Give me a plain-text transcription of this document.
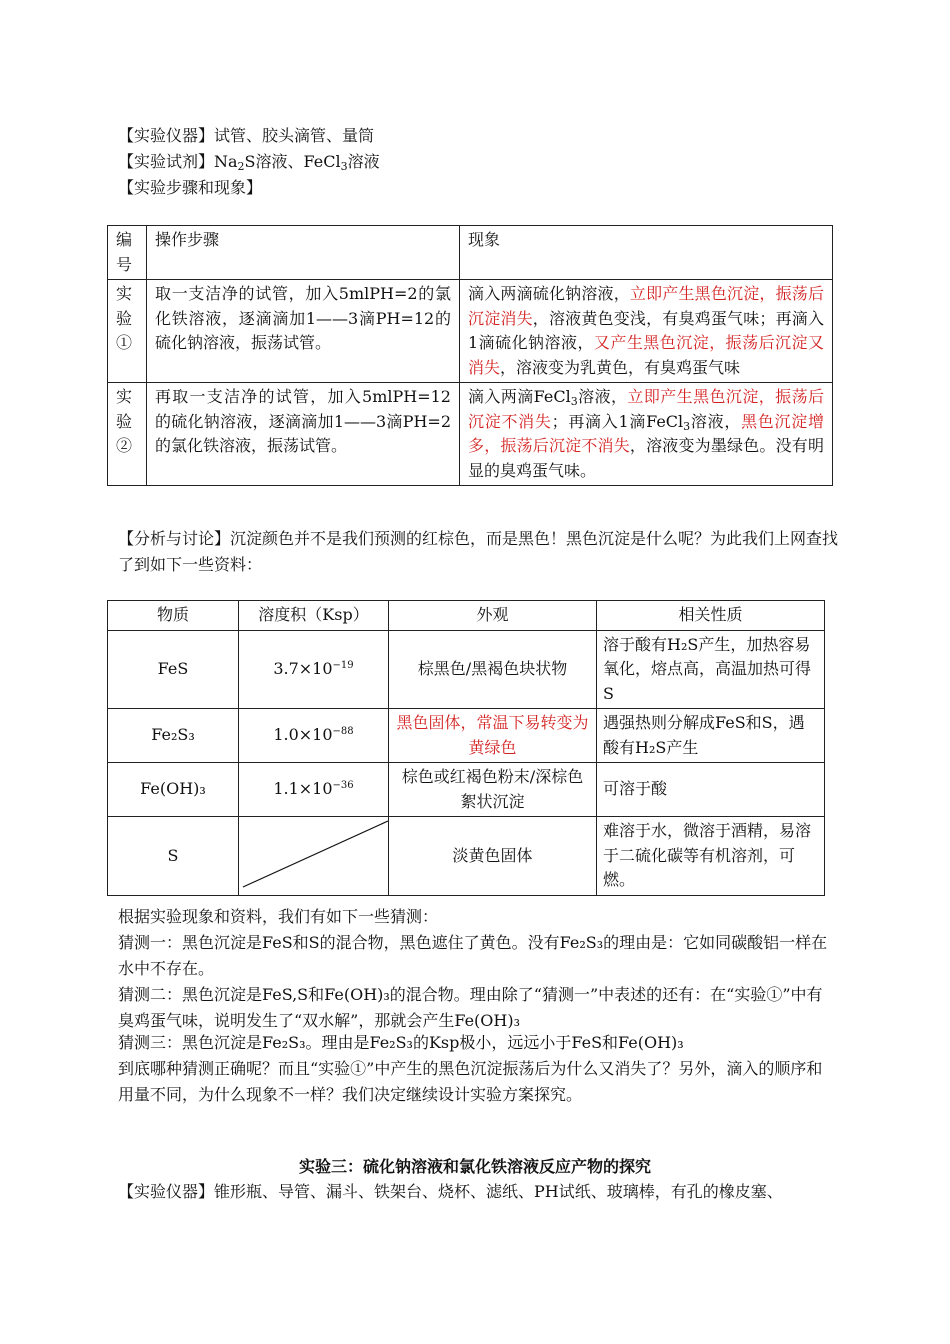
【实验仪器】试管、胶头滴管、量筒
【实验试剂】$Na_2S$溶液、FeCl$_3$溶液
【实验步骤和现象】
编号	操作步骤	现象
实验①	取一支洁净的试管，加入5mlPH=2的氯化铁溶液，逐滴滴加1——3滴PH=12的硫化钠溶液，振荡试管。	滴入两滴硫化钠溶液，立即产生黑色沉淀，振荡后沉淀消失，溶液黄色变浅，有臭鸡蛋气味；再滴入1滴硫化钠溶液，又产生黑色沉淀，振荡后沉淀又消失，溶液变为乳黄色，有臭鸡蛋气味
实验②	再取一支洁净的试管，加入5mlPH=12的硫化钠溶液，逐滴滴加1——3滴PH=2的氯化铁溶液，振荡试管。	滴入两滴FeCl$_3$溶液，立即产生黑色沉淀，振荡后沉淀不消失；再滴入1滴FeCl$_3$溶液，黑色沉淀增多，振荡后沉淀不消失，溶液变为墨绿色。没有明显的臭鸡蛋气味。
【分析与讨论】沉淀颜色并不是我们预测的红棕色，而是黑色！黑色沉淀是什么呢？为此我们上网查找了到如下一些资料：
物质	溶度积（Ksp）	外观	相关性质
FeS	$3.7\times 10^{-19}$	棕黑色/黑褐色块状物	溶于酸有H₂S产生，加热容易氧化，熔点高，高温加热可得S
Fe₂S₃	$1.0\times 10^{-88}$	黑色固体，常温下易转变为黄绿色	遇强热则分解成FeS和S，遇酸有H₂S产生
Fe(OH)₃	$1.1\times 10^{-36}$	棕色或红褐色粉末/深棕色絮状沉淀	可溶于酸
S		淡黄色固体	难溶于水，微溶于酒精，易溶于二硫化碳等有机溶剂，可燃。
根据实验现象和资料，我们有如下一些猜测：
猜测一：黑色沉淀是FeS和S的混合物，黑色遮住了黄色。没有Fe₂S₃的理由是：它如同碳酸铝一样在水中不存在。
猜测二：黑色沉淀是FeS,S和Fe(OH)₃的混合物。理由除了“猜测一”中表述的还有：在“实验①”中有臭鸡蛋气味，说明发生了“双水解”，那就会产生Fe(OH)₃
猜测三：黑色沉淀是Fe₂S₃。理由是Fe₂S₃的Ksp极小，远远小于FeS和Fe(OH)₃
到底哪种猜测正确呢？而且“实验①”中产生的黑色沉淀振荡后为什么又消失了？另外，滴入的顺序和用量不同，为什么现象不一样？我们决定继续设计实验方案探究。
实验三：硫化钠溶液和氯化铁溶液反应产物的探究
【实验仪器】锥形瓶、导管、漏斗、铁架台、烧杯、滤纸、PH试纸、玻璃棒，有孔的橡皮塞、
